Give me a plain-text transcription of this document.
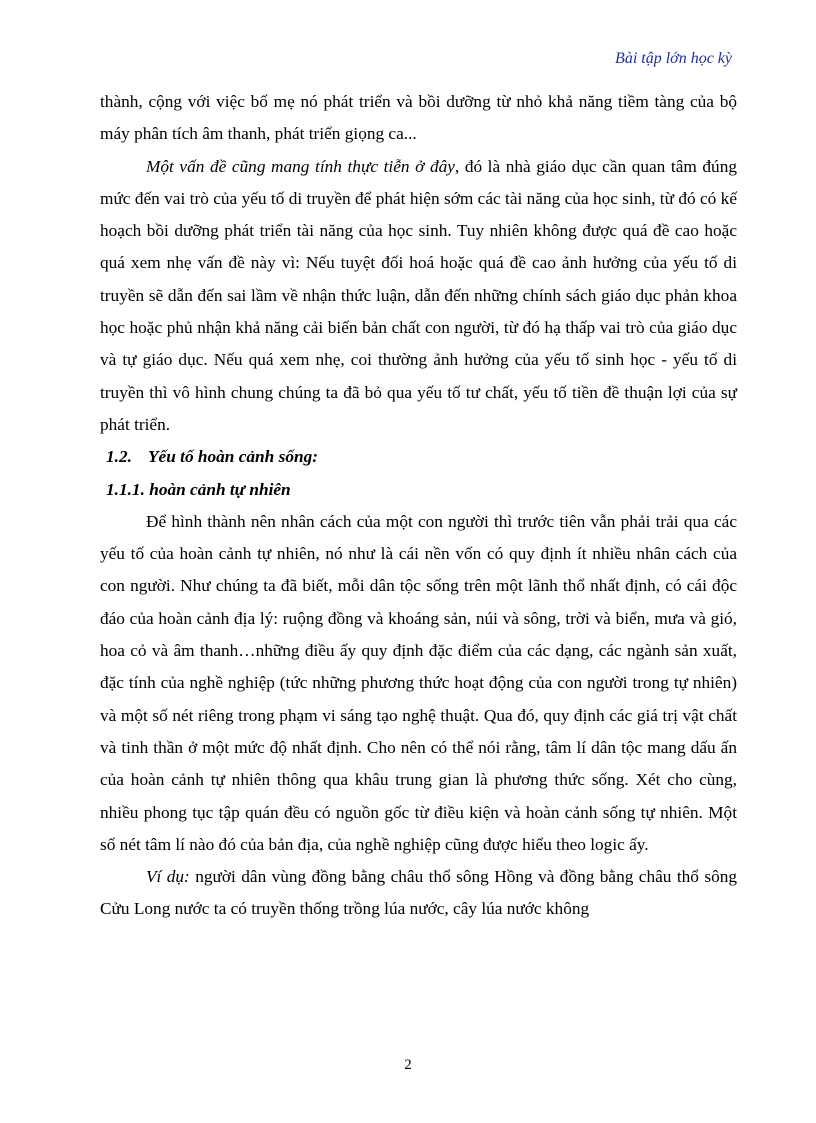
Bài tập lớn học kỳ

thành, cộng với việc bố mẹ nó phát triển và bồi dưỡng từ nhỏ khả năng tiềm tàng của bộ máy phân tích âm thanh, phát triển giọng ca...

Một vấn đề cũng mang tính thực tiễn ở đây, đó là nhà giáo dục cần quan tâm đúng mức đến vai trò của yếu tố di truyền để phát hiện sớm các tài năng của học sinh, từ đó có kế hoạch bồi dưỡng phát triển tài năng của học sinh. Tuy nhiên không được quá đề cao hoặc quá xem nhẹ vấn đề này vì: Nếu tuyệt đối hoá hoặc quá đề cao ảnh hưởng của yếu tố di truyền sẽ dẫn đến sai lầm về nhận thức luận, dẫn đến những chính sách giáo dục phản khoa học hoặc phủ nhận khả năng cải biến bản chất con người, từ đó hạ thấp vai trò của giáo dục và tự giáo dục. Nếu quá xem nhẹ, coi thường ảnh hưởng của yếu tố sinh học - yếu tố di truyền thì vô hình chung chúng ta đã bỏ qua yếu tố tư chất, yếu tố tiền đề thuận lợi của sự phát triển.

1.2. Yếu tố hoàn cảnh sống:

1.1.1. hoàn cảnh tự nhiên

Để hình thành nên nhân cách của một con người thì trước tiên vẫn phải trải qua các yếu tố của hoàn cảnh tự nhiên, nó như là cái nền vốn có quy định ít nhiều nhân cách của con người. Như chúng ta đã biết, mỗi dân tộc sống trên một lãnh thổ nhất định, có cái độc đáo của hoàn cảnh địa lý: ruộng đồng và khoáng sản, núi và sông, trời và biển, mưa và gió, hoa cỏ và âm thanh…những điều ấy quy định đặc điểm của các dạng, các ngành sản xuất, đặc tính của nghề nghiệp (tức những phương thức hoạt động của con người trong tự nhiên) và một số nét riêng trong phạm vi sáng tạo nghệ thuật. Qua đó, quy định các giá trị vật chất và tinh thần ở một mức độ nhất định. Cho nên có thể nói rằng, tâm lí dân tộc mang dấu ấn của hoàn cảnh tự nhiên thông qua khâu trung gian là phương thức sống. Xét cho cùng, nhiều phong tục tập quán đều có nguồn gốc từ điều kiện và hoàn cảnh sống tự nhiên. Một số nét tâm lí nào đó của bản địa, của nghề nghiệp cũng được hiểu theo logic ấy.

Ví dụ: người dân vùng đồng bằng châu thổ sông Hồng và đồng bằng châu thổ sông Cửu Long nước ta có truyền thống trồng lúa nước, cây lúa nước không

2
